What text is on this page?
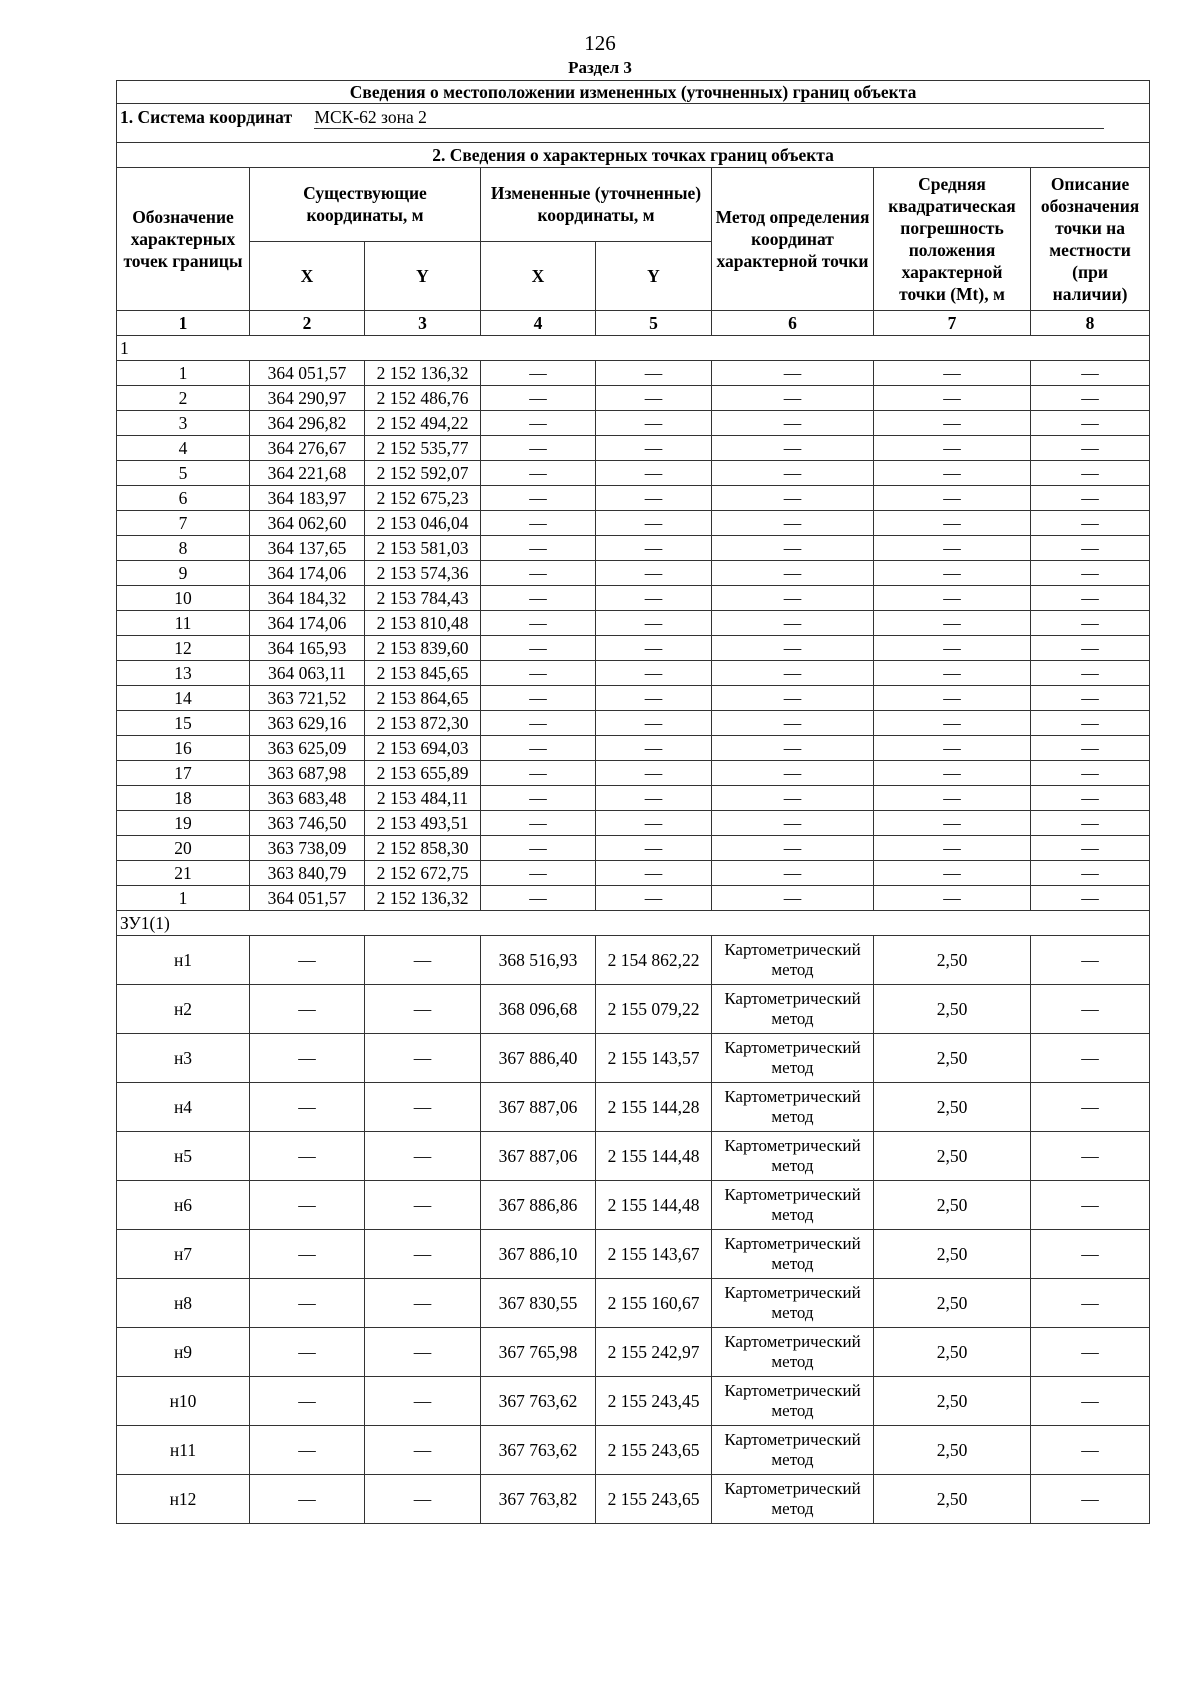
126
Раздел 3
Сведения о местоположении измененных (уточненных) границ объекта							
1. Система координат МСК-62 зона 2							
2. Сведения о характерных точках границ объекта							
Обозначение характерных точек границы	Существующие координаты, м		Измененные (уточненные) координаты, м		Метод определения координат характерной точки	Средняя квадратическая погрешность положения характерной точки (Mt), м	Описание обозначения точки на местности (при наличии)
	X	Y	X	Y			
1	2	3	4	5	6	7	8
1							
1	364 051,57	2 152 136,32	—	—	—	—	—
2	364 290,97	2 152 486,76	—	—	—	—	—
3	364 296,82	2 152 494,22	—	—	—	—	—
4	364 276,67	2 152 535,77	—	—	—	—	—
5	364 221,68	2 152 592,07	—	—	—	—	—
6	364 183,97	2 152 675,23	—	—	—	—	—
7	364 062,60	2 153 046,04	—	—	—	—	—
8	364 137,65	2 153 581,03	—	—	—	—	—
9	364 174,06	2 153 574,36	—	—	—	—	—
10	364 184,32	2 153 784,43	—	—	—	—	—
11	364 174,06	2 153 810,48	—	—	—	—	—
12	364 165,93	2 153 839,60	—	—	—	—	—
13	364 063,11	2 153 845,65	—	—	—	—	—
14	363 721,52	2 153 864,65	—	—	—	—	—
15	363 629,16	2 153 872,30	—	—	—	—	—
16	363 625,09	2 153 694,03	—	—	—	—	—
17	363 687,98	2 153 655,89	—	—	—	—	—
18	363 683,48	2 153 484,11	—	—	—	—	—
19	363 746,50	2 153 493,51	—	—	—	—	—
20	363 738,09	2 152 858,30	—	—	—	—	—
21	363 840,79	2 152 672,75	—	—	—	—	—
1	364 051,57	2 152 136,32	—	—	—	—	—
ЗУ1(1)							
н1	—	—	368 516,93	2 154 862,22	Картометрический метод	2,50	—
н2	—	—	368 096,68	2 155 079,22	Картометрический метод	2,50	—
н3	—	—	367 886,40	2 155 143,57	Картометрический метод	2,50	—
н4	—	—	367 887,06	2 155 144,28	Картометрический метод	2,50	—
н5	—	—	367 887,06	2 155 144,48	Картометрический метод	2,50	—
н6	—	—	367 886,86	2 155 144,48	Картометрический метод	2,50	—
н7	—	—	367 886,10	2 155 143,67	Картометрический метод	2,50	—
н8	—	—	367 830,55	2 155 160,67	Картометрический метод	2,50	—
н9	—	—	367 765,98	2 155 242,97	Картометрический метод	2,50	—
н10	—	—	367 763,62	2 155 243,45	Картометрический метод	2,50	—
н11	—	—	367 763,62	2 155 243,65	Картометрический метод	2,50	—
н12	—	—	367 763,82	2 155 243,65	Картометрический метод	2,50	—
